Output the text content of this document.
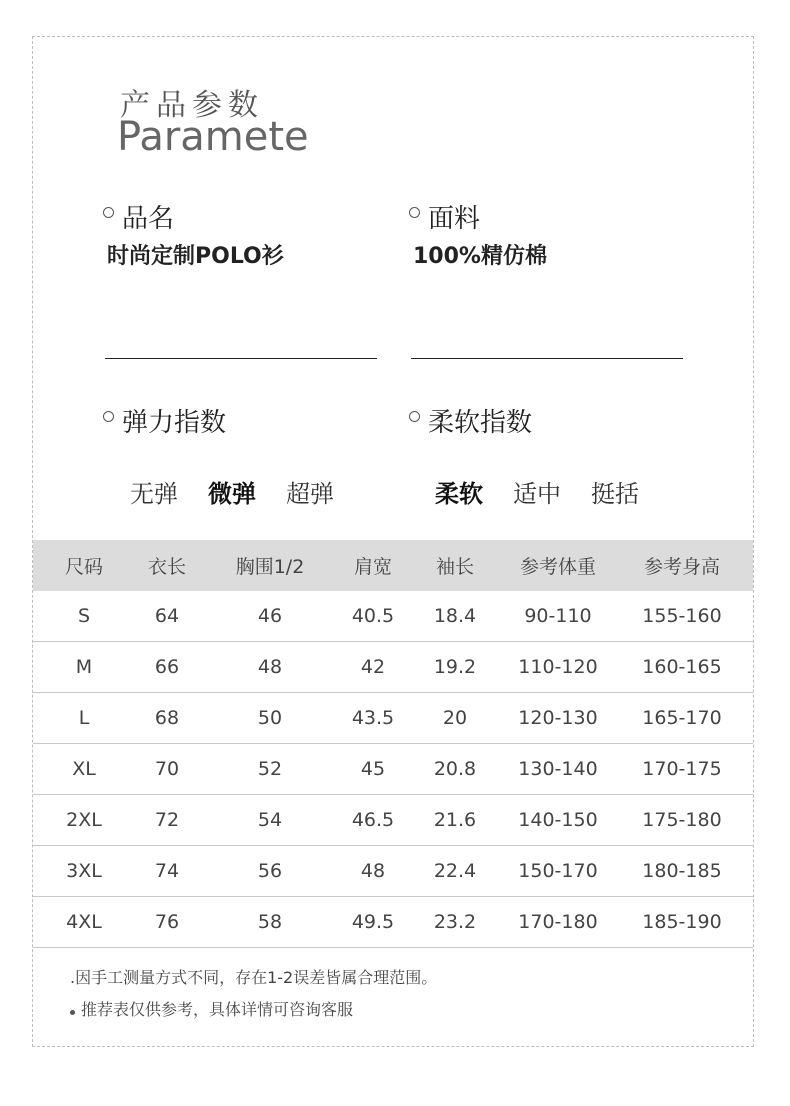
产品参数
Paramete
品名
时尚定制POLO衫
面料
100%精仿棉
弹力指数
无弹 微弹 超弹
柔软指数
柔软 适中 挺括
尺码	衣长	胸围1/2	肩宽	袖长	参考体重	参考身高
S	64	46	40.5	18.4	90-110	155-160
M	66	48	42	19.2	110-120	160-165
L	68	50	43.5	20	120-130	165-170
XL	70	52	45	20.8	130-140	170-175
2XL	72	54	46.5	21.6	140-150	175-180
3XL	74	56	48	22.4	150-170	180-185
4XL	76	58	49.5	23.2	170-180	185-190
.因手工测量方式不同，存在1-2误差皆属合理范围。
推荐表仅供参考，具体详情可咨询客服
